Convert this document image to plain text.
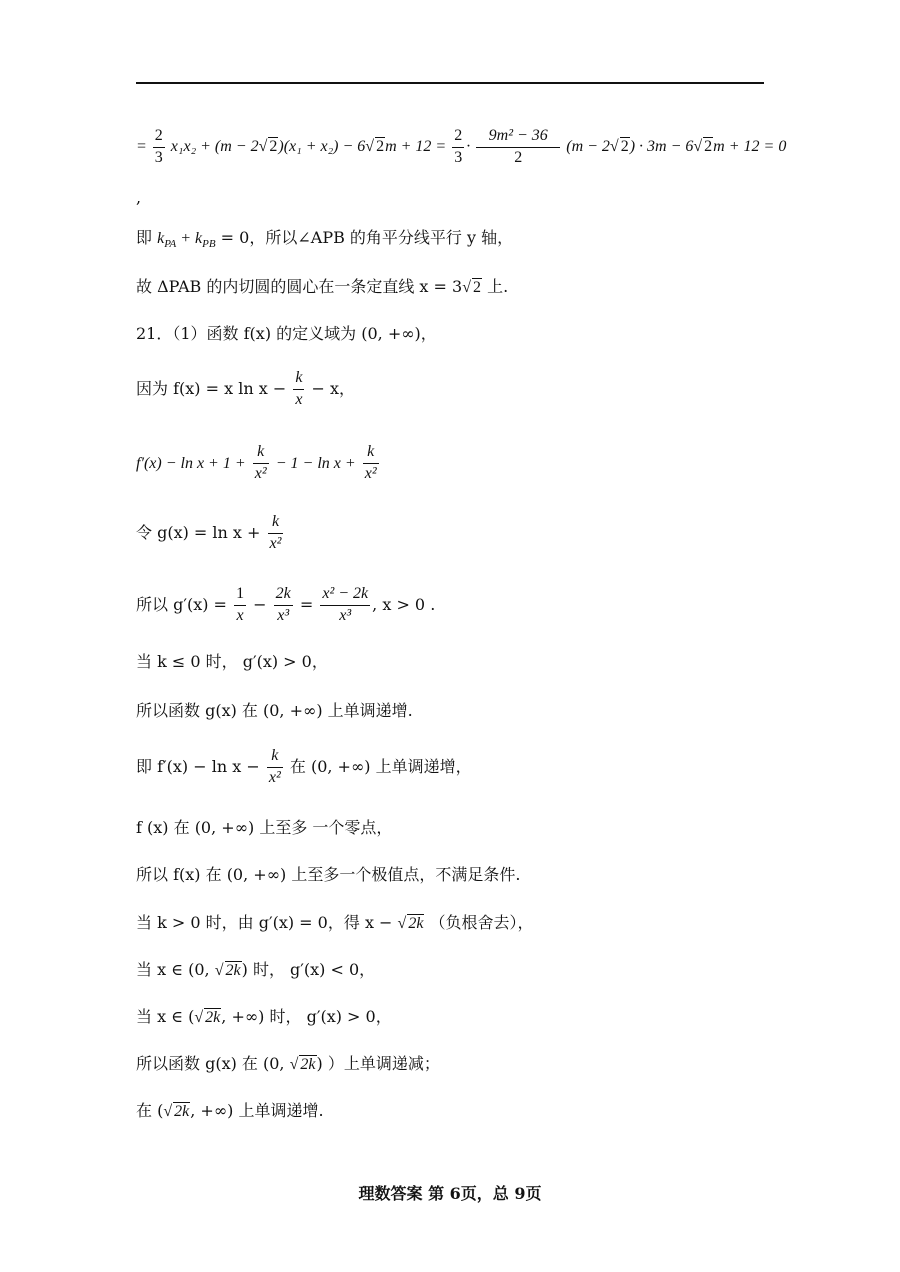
= $\frac{2}{3} x_1x_2 + (m - 2√$ 2)(x₁ + x₂) − 6√ $2m + 12 = \frac{2}{3} \cdot \frac{\text{9m² − 36}}{2} (m - 2√$ 2) · 3m − 6√ 2m + 12 = 0
,
即 $k_{PA} + k_{PB} = 0$，所以∠APB 的角平分线平行 y 轴，
故 ΔPAB 的内切圆的圆心在一条定直线 x = 3√ 2 上.
21．（1）函数 f(x) 的定义域为 (0, +∞)，
因为 f(x) = x $\ln x - \frac{k}{x} - x$，
$f'(x) - \ln x + 1 + \frac{k}{\text{x²}} - 1 - \ln x + \frac{k}{\text{x²}}$
令 $g(x) = \ln x + \frac{k}{\text{x²}}$
所以 $g'(x) = \frac{1}{x} - \frac{2k}{\text{x³}} = \frac{\text{x² − 2k}}{\text{x³}}$ , x > 0 .
当 k ≤ 0 时， g′(x) > 0，
所以函数 g(x) 在 (0, +∞) 上单调递增.
即 $f'(x) - \ln x - \frac{k}{\text{x²}}$ 在 (0, +∞) 上单调递增，
f (x) 在 (0, +∞) 上至多 一个零点，
所以 f(x) 在 (0, +∞) 上至多一个极值点，不满足条件.
当 k > 0 时，由 g′(x) = 0，得 x − √ 2k （负根舍去），
当 x ∈ (0, √ 2k) 时， g′(x) < 0，
当 x ∈ (√ 2k, +∞) 时， g′(x) > 0，
所以函数 g(x) 在 (0, √ 2k) ）上单调递减；
在 (√ 2k, +∞) 上单调递增.
理数答案 第 6页，总 9页
